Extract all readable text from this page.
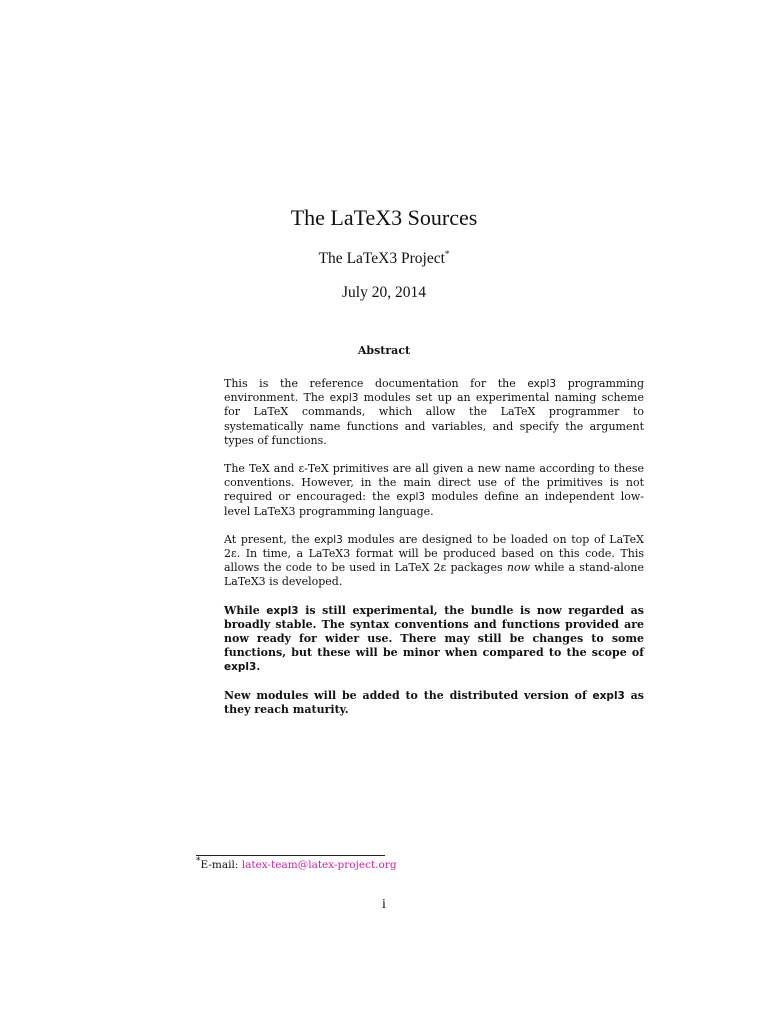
The LaTeX3 Sources
The LaTeX3 Project*
July 20, 2014
Abstract

This is the reference documentation for the expl3 programming environment. The expl3 modules set up an experimental naming scheme for LaTeX commands, which allow the LaTeX programmer to systematically name functions and variables, and specify the argument types of functions.

The TeX and ε-TeX primitives are all given a new name according to these conventions. However, in the main direct use of the primitives is not required or encouraged: the expl3 modules define an independent low-level LaTeX3 programming language.

At present, the expl3 modules are designed to be loaded on top of LaTeX 2ε. In time, a LaTeX3 format will be produced based on this code. This allows the code to be used in LaTeX 2ε packages now while a stand-alone LaTeX3 is developed.

While expl3 is still experimental, the bundle is now regarded as broadly stable. The syntax conventions and functions provided are now ready for wider use. There may still be changes to some functions, but these will be minor when compared to the scope of expl3.

New modules will be added to the distributed version of expl3 as they reach maturity.

*E-mail: latex-team@latex-project.org
i
